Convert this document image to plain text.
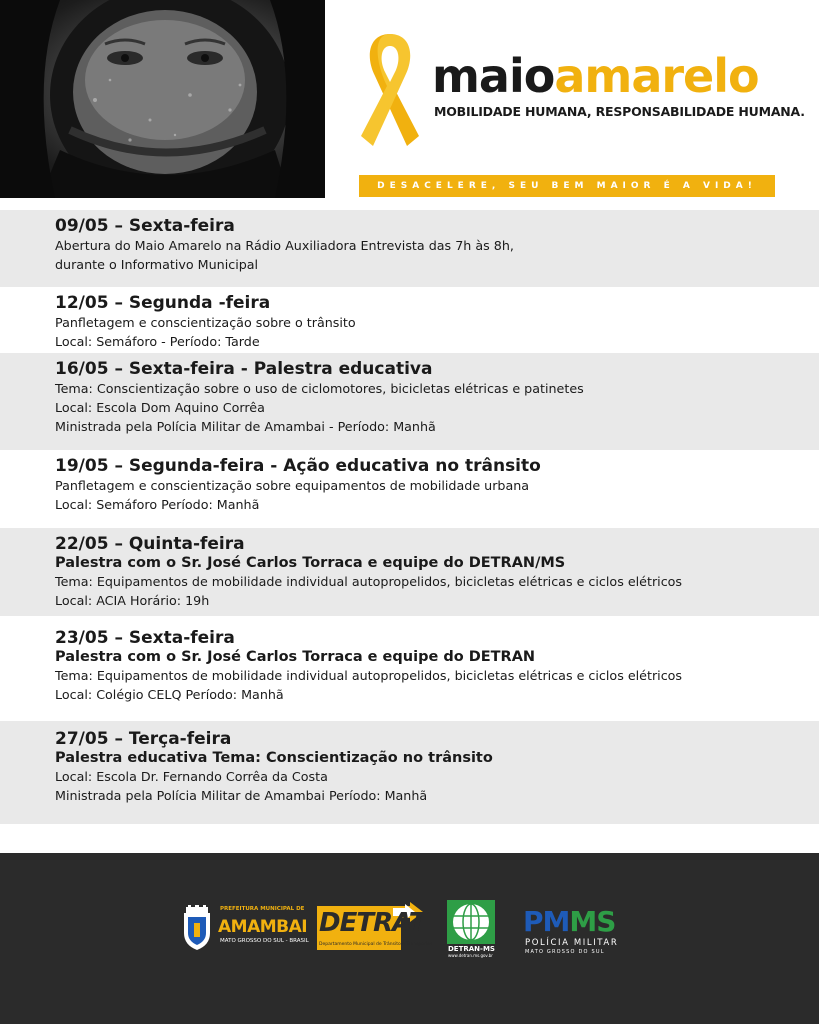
maioamarelo
MOBILIDADE HUMANA, RESPONSABILIDADE HUMANA.
DESACELERE, SEU BEM MAIOR É A VIDA!
09/05 – Sexta-feira
Abertura do Maio Amarelo na Rádio Auxiliadora Entrevista das 7h às 8h,
durante o Informativo Municipal
12/05 – Segunda -feira
Panfletagem e conscientização sobre o trânsito
Local: Semáforo - Período: Tarde
16/05 – Sexta-feira - Palestra educativa
Tema: Conscientização sobre o uso de ciclomotores, bicicletas elétricas e patinetes
Local: Escola Dom Aquino Corrêa
Ministrada pela Polícia Militar de Amambai - Período: Manhã
19/05 – Segunda-feira - Ação educativa no trânsito
Panfletagem e conscientização sobre equipamentos de mobilidade urbana
Local: Semáforo Período: Manhã
22/05 – Quinta-feira
Palestra com o Sr. José Carlos Torraca e equipe do DETRAN/MS
Tema: Equipamentos de mobilidade individual autopropelidos, bicicletas elétricas e ciclos elétricos
Local: ACIA Horário: 19h
23/05 – Sexta-feira
Palestra com o Sr. José Carlos Torraca e equipe do DETRAN
Tema: Equipamentos de mobilidade individual autopropelidos, bicicletas elétricas e ciclos elétricos
Local: Colégio CELQ Período: Manhã
27/05 – Terça-feira
Palestra educativa Tema: Conscientização no trânsito
Local: Escola Dr. Fernando Corrêa da Costa
Ministrada pela Polícia Militar de Amambai Período: Manhã
PREFEITURA MUNICIPAL DE
AMAMBAI
MATO GROSSO DO SUL - BRASIL
DETRAT
Departamento Municipal de Trânsito e Transportes
DETRAN-MS
www.detran.ms.gov.br
PMMS
POLÍCIA MILITAR
MATO GROSSO DO SUL
